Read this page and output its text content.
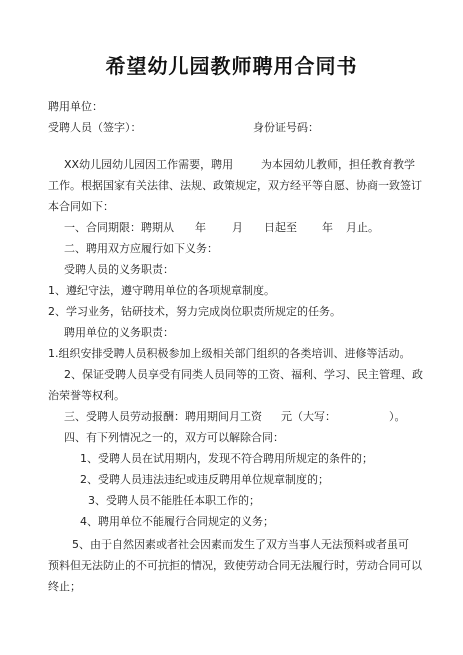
希望幼儿园教师聘用合同书
聘用单位：
受聘人员（签字）：	身份证号码：
XX幼儿园幼儿园因工作需要，聘用	为本园幼儿教师，担任教育教学
工作。根据国家有关法律、法规、政策规定，双方经平等自愿、协商一致签订
本合同如下：
一、合同期限：聘期从 年 月 日起至 年 月止。
二、聘用双方应履行如下义务：
受聘人员的义务职责：
1、遵纪守法，遵守聘用单位的各项规章制度。
2、学习业务，钻研技术，努力完成岗位职责所规定的任务。
聘用单位的义务职责：
1.组织安排受聘人员积极参加上级相关部门组织的各类培训、进修等活动。
2、保证受聘人员享受有同类人员同等的工资、福利、学习、民主管理、政
治荣誉等权利。
三、受聘人员劳动报酬：聘用期间月工资 元（大写：	）。
四、有下列情况之一的，双方可以解除合同：
1、受聘人员在试用期内，发现不符合聘用所规定的条件的；
2、受聘人员违法违纪或违反聘用单位规章制度的；
3、受聘人员不能胜任本职工作的；
4、聘用单位不能履行合同规定的义务；
5、由于自然因素或者社会因素而发生了双方当事人无法预料或者虽可
预料但无法防止的不可抗拒的情况，致使劳动合同无法履行时，劳动合同可以
终止；
